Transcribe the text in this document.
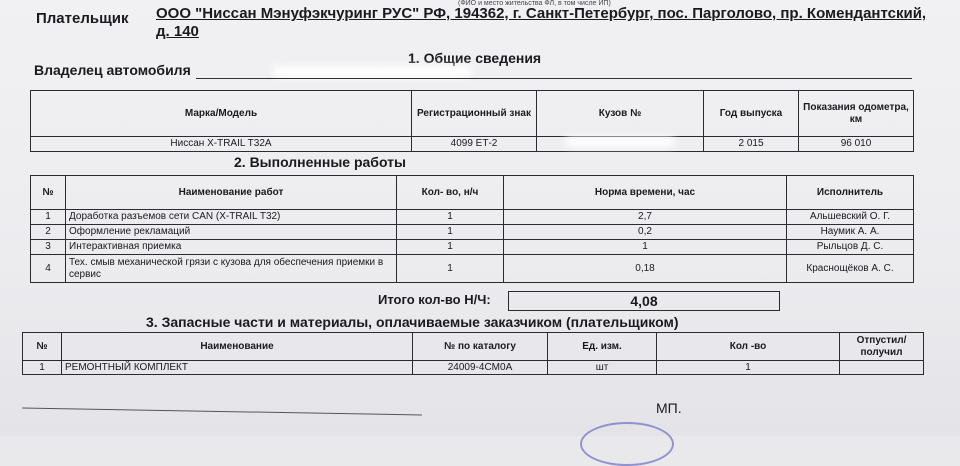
(ФИО и место жительства ФЛ, в том числе ИП)
Плательщик ООО "Ниссан Мэнуфэкчуринг РУС" РФ, 194362, г. Санкт-Петербург, пос. Парголово, пр. Комендантский,
д. 140
1. Общие сведения
Владелец автомобиля
Марка/Модель	Регистрационный знак	Кузов №	Год выпуска	Показания одометра, км
Ниссан X-TRAIL T32A	4099 ЕТ-2		2 015	96 010
2. Выполненные работы
№	Наименование работ	Кол- во, н/ч	Норма времени, час	Исполнитель
1	Доработка разъемов сети CAN (X-TRAIL T32)	1	2,7	Альшевский О. Г.
2	Оформление рекламаций	1	0,2	Наумик А. А.
3	Интерактивная приемка	1	1	Рыльцов Д. С.
4	Тех. смыв механической грязи с кузова для обеспечения приемки в сервис	1	0,18	Краснощёков А. С.
Итого кол-во Н/Ч:	4,08
3. Запасные части и материалы, оплачиваемые заказчиком (плательщиком)
№	Наименование	№ по каталогу	Ед. изм.	Кол -во	Отпустил/ получил
1	РЕМОНТНЫЙ КОМПЛЕКТ	24009-4CM0A	шт	1	
МП.
